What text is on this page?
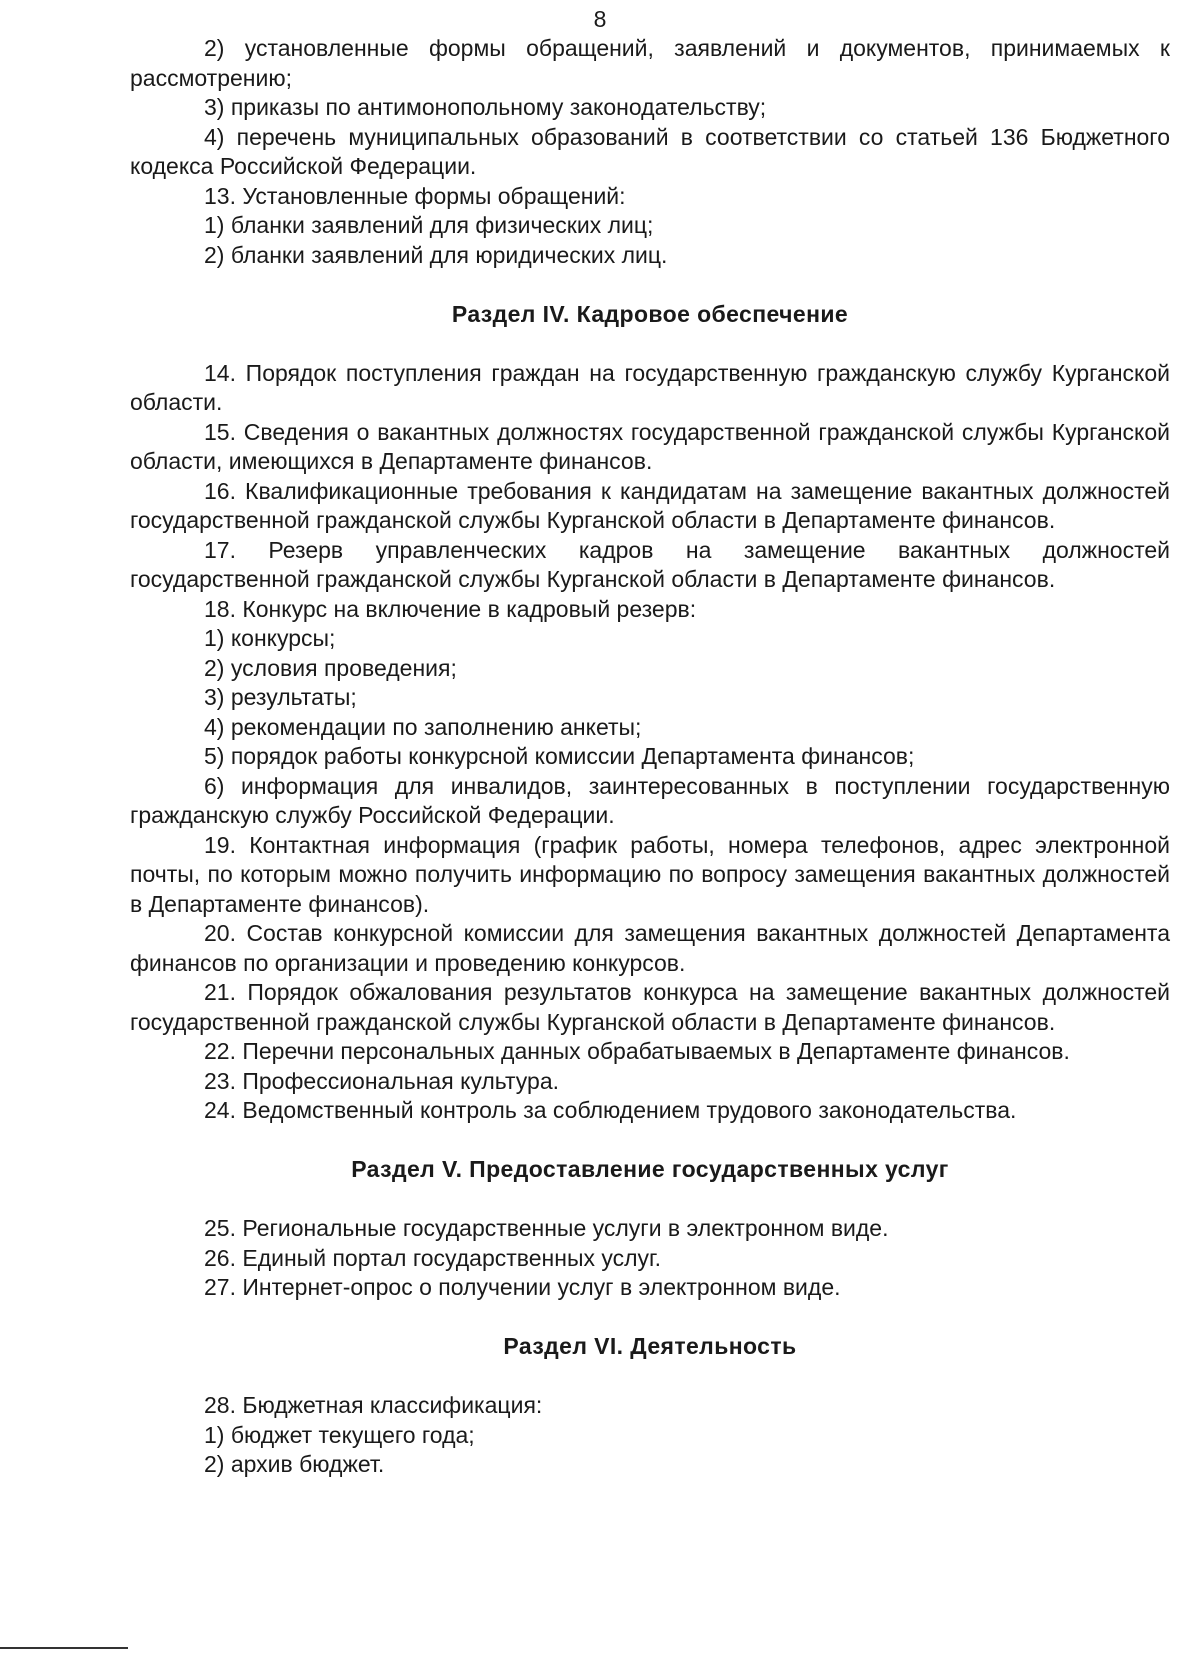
8

2) установленные формы обращений, заявлений и документов, принимаемых к рассмотрению;

3) приказы по антимонопольному законодательству;

4) перечень муниципальных образований в соответствии со статьей 136 Бюджетного кодекса Российской Федерации.

13. Установленные формы обращений:

1) бланки заявлений для физических лиц;

2) бланки заявлений для юридических лиц.

Раздел IV. Кадровое обеспечение

14. Порядок поступления граждан на государственную гражданскую службу Курганской области.

15. Сведения о вакантных должностях государственной гражданской службы Курганской области, имеющихся в Департаменте финансов.

16. Квалификационные требования к кандидатам на замещение вакантных должностей государственной гражданской службы Курганской области в Департаменте финансов.

17. Резерв управленческих кадров на замещение вакантных должностей государственной гражданской службы Курганской области в Департаменте финансов.

18. Конкурс на включение в кадровый резерв:

1) конкурсы;

2) условия проведения;

3) результаты;

4) рекомендации по заполнению анкеты;

5) порядок работы конкурсной комиссии Департамента финансов;

6) информация для инвалидов, заинтересованных в поступлении государственную гражданскую службу Российской Федерации.

19. Контактная информация (график работы, номера телефонов, адрес электронной почты, по которым можно получить информацию по вопросу замещения вакантных должностей в Департаменте финансов).

20. Состав конкурсной комиссии для замещения вакантных должностей Департамента финансов по организации и проведению конкурсов.

21. Порядок обжалования результатов конкурса на замещение вакантных должностей государственной гражданской службы Курганской области в Департаменте финансов.

22. Перечни персональных данных обрабатываемых в Департаменте финансов.

23. Профессиональная культура.

24. Ведомственный контроль за соблюдением трудового законодательства.

Раздел V. Предоставление государственных услуг

25. Региональные государственные услуги в электронном виде.

26. Единый портал государственных услуг.

27. Интернет-опрос о получении услуг в электронном виде.

Раздел VI. Деятельность

28. Бюджетная классификация:

1) бюджет текущего года;

2) архив бюджет.
